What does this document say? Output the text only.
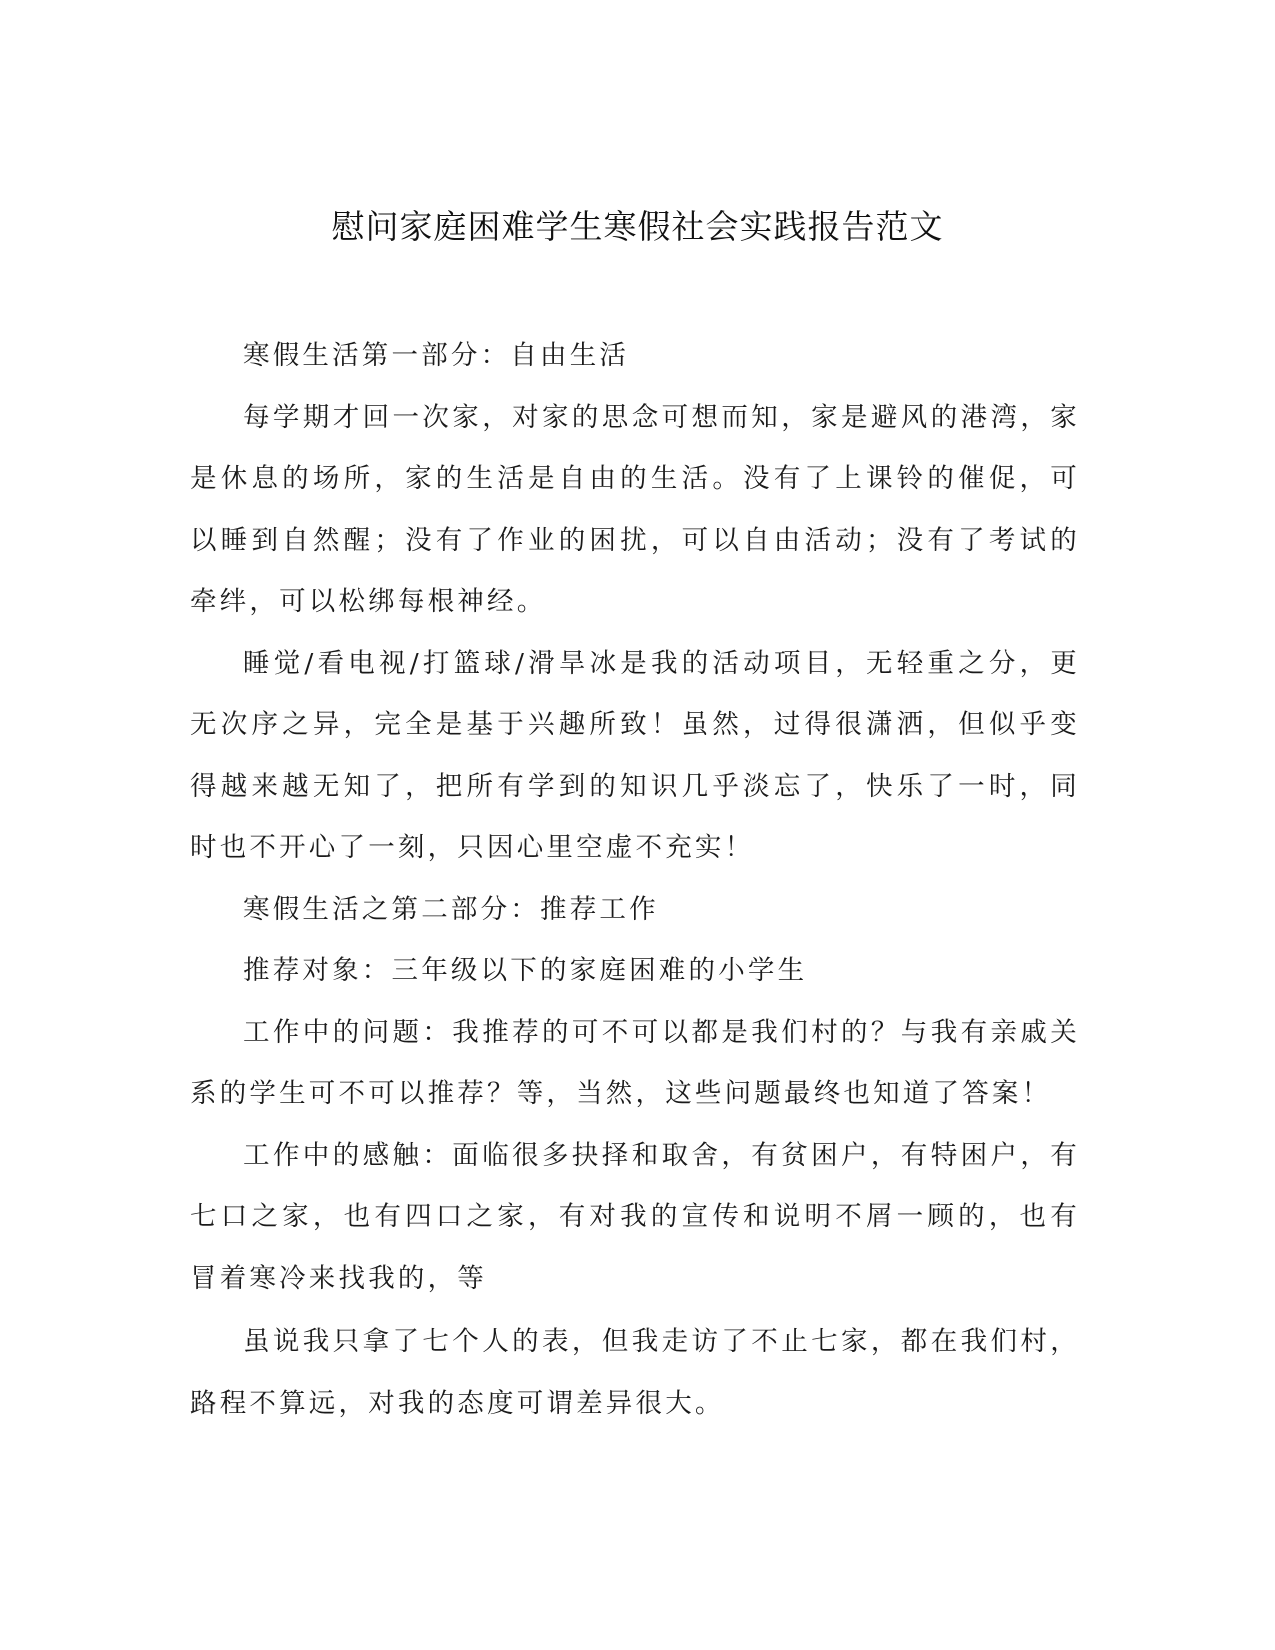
慰问家庭困难学生寒假社会实践报告范文

寒假生活第一部分：自由生活

每学期才回一次家，对家的思念可想而知，家是避风的港湾，家是休息的场所，家的生活是自由的生活。没有了上课铃的催促，可以睡到自然醒；没有了作业的困扰，可以自由活动；没有了考试的牵绊，可以松绑每根神经。

睡觉/看电视/打篮球/滑旱冰是我的活动项目，无轻重之分，更无次序之异，完全是基于兴趣所致！虽然，过得很潇洒，但似乎变得越来越无知了，把所有学到的知识几乎淡忘了，快乐了一时，同时也不开心了一刻，只因心里空虚不充实！

寒假生活之第二部分：推荐工作

推荐对象：三年级以下的家庭困难的小学生

工作中的问题：我推荐的可不可以都是我们村的？与我有亲戚关系的学生可不可以推荐？等，当然，这些问题最终也知道了答案！

工作中的感触：面临很多抉择和取舍，有贫困户，有特困户，有七口之家，也有四口之家，有对我的宣传和说明不屑一顾的，也有冒着寒冷来找我的，等

虽说我只拿了七个人的表，但我走访了不止七家，都在我们村，路程不算远，对我的态度可谓差异很大。
